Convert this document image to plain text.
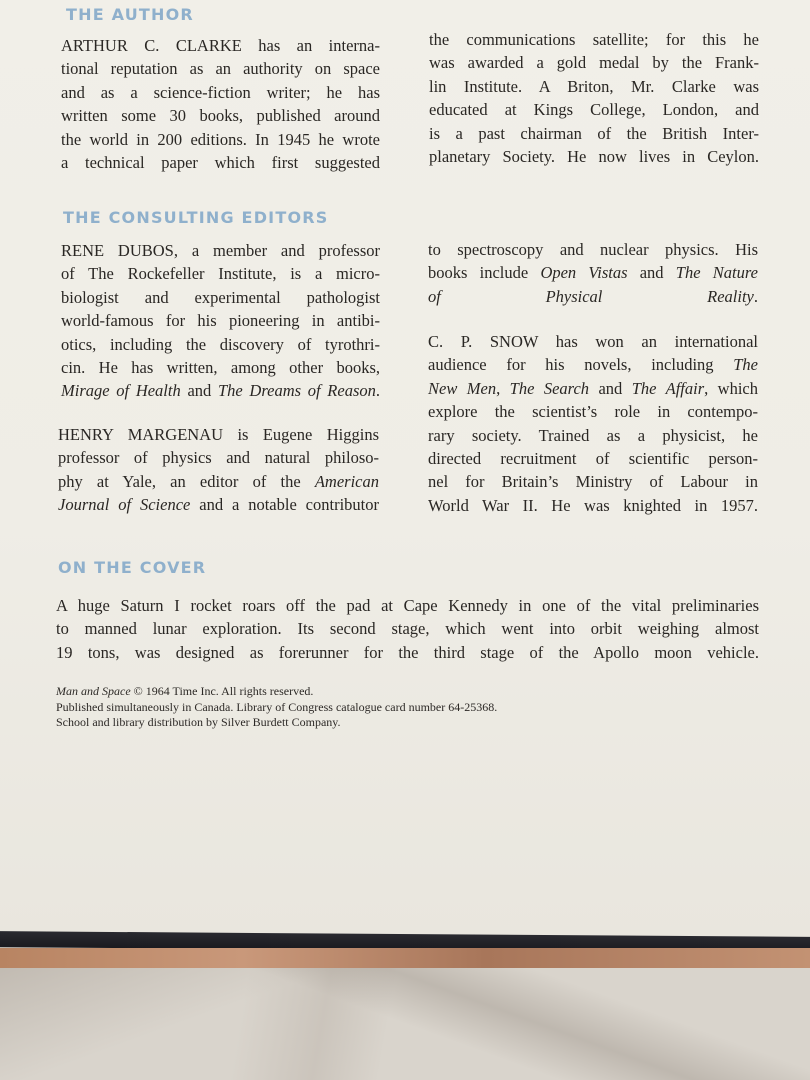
THE AUTHOR
ARTHUR C. CLARKE has an interna-
tional reputation as an authority on space
and as a science-fiction writer; he has
written some 30 books, published around
the world in 200 editions. In 1945 he wrote
a technical paper which first suggested
the communications satellite; for this he
was awarded a gold medal by the Frank-
lin Institute. A Briton, Mr. Clarke was
educated at Kings College, London, and
is a past chairman of the British Inter-
planetary Society. He now lives in Ceylon.
THE CONSULTING EDITORS
RENE DUBOS, a member and professor
of The Rockefeller Institute, is a micro-
biologist and experimental pathologist
world-famous for his pioneering in antibi-
otics, including the discovery of tyrothri-
cin. He has written, among other books,
Mirage of Health and The Dreams of Reason.
HENRY MARGENAU is Eugene Higgins
professor of physics and natural philoso-
phy at Yale, an editor of the American
Journal of Science and a notable contributor
to spectroscopy and nuclear physics. His
books include Open Vistas and The Nature
of Physical Reality.
C. P. SNOW has won an international
audience for his novels, including The
New Men, The Search and The Affair, which
explore the scientist’s role in contempo-
rary society. Trained as a physicist, he
directed recruitment of scientific person-
nel for Britain’s Ministry of Labour in
World War II. He was knighted in 1957.
ON THE COVER
A huge Saturn I rocket roars off the pad at Cape Kennedy in one of the vital preliminaries
to manned lunar exploration. Its second stage, which went into orbit weighing almost
19 tons, was designed as forerunner for the third stage of the Apollo moon vehicle.
Man and Space © 1964 Time Inc. All rights reserved.
Published simultaneously in Canada. Library of Congress catalogue card number 64-25368.
School and library distribution by Silver Burdett Company.
